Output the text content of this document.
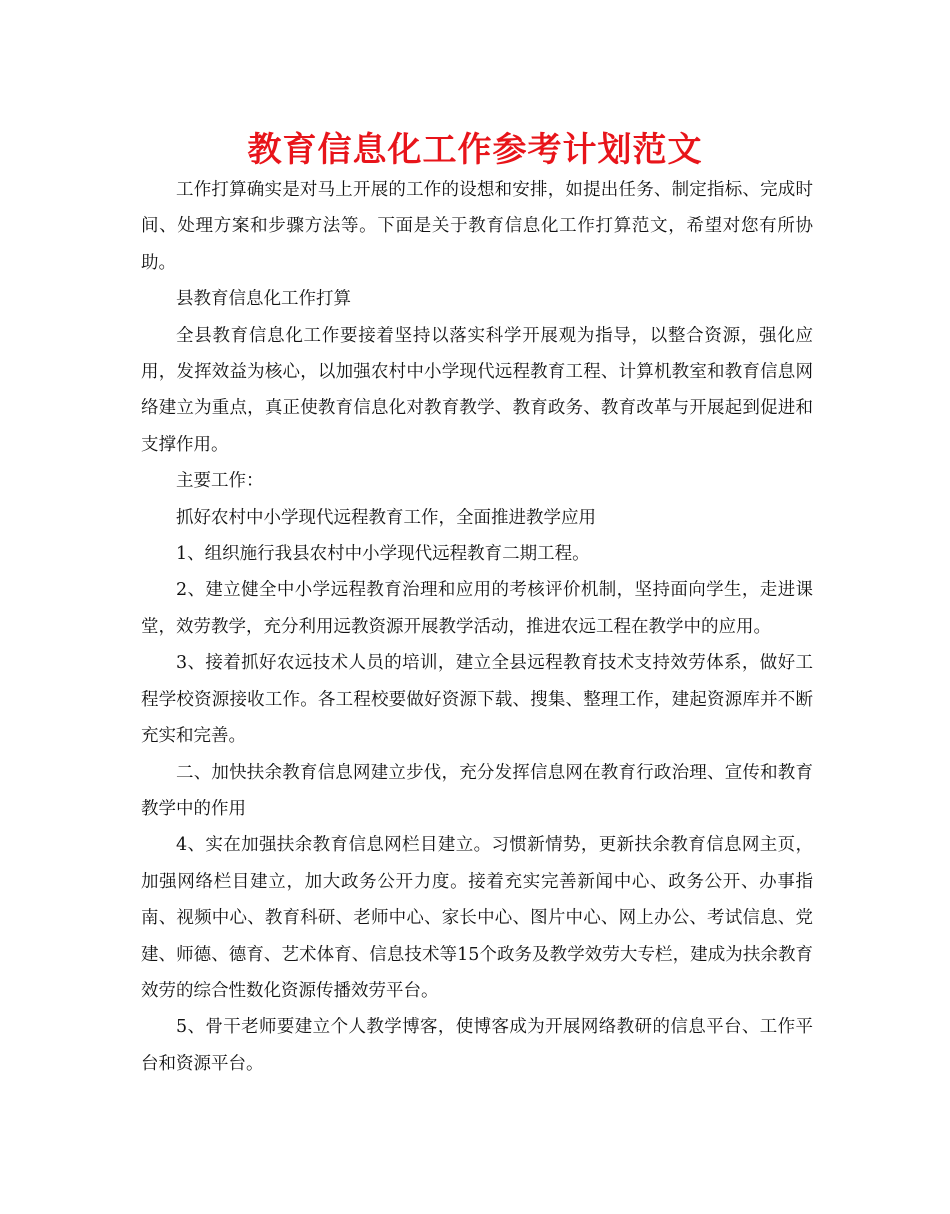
教育信息化工作参考计划范文

工作打算确实是对马上开展的工作的设想和安排，如提出任务、制定指标、完成时间、处理方案和步骤方法等。下面是关于教育信息化工作打算范文，希望对您有所协助。

县教育信息化工作打算

全县教育信息化工作要接着坚持以落实科学开展观为指导，以整合资源，强化应用，发挥效益为核心，以加强农村中小学现代远程教育工程、计算机教室和教育信息网络建立为重点，真正使教育信息化对教育教学、教育政务、教育改革与开展起到促进和支撑作用。

主要工作：

抓好农村中小学现代远程教育工作，全面推进教学应用

1、组织施行我县农村中小学现代远程教育二期工程。

2、建立健全中小学远程教育治理和应用的考核评价机制，坚持面向学生，走进课堂，效劳教学，充分利用远教资源开展教学活动，推进农远工程在教学中的应用。

3、接着抓好农远技术人员的培训，建立全县远程教育技术支持效劳体系，做好工程学校资源接收工作。各工程校要做好资源下载、搜集、整理工作，建起资源库并不断充实和完善。

二、加快扶余教育信息网建立步伐，充分发挥信息网在教育行政治理、宣传和教育教学中的作用

4、实在加强扶余教育信息网栏目建立。习惯新情势，更新扶余教育信息网主页，加强网络栏目建立，加大政务公开力度。接着充实完善新闻中心、政务公开、办事指南、视频中心、教育科研、老师中心、家长中心、图片中心、网上办公、考试信息、党建、师德、德育、艺术体育、信息技术等15个政务及教学效劳大专栏，建成为扶余教育效劳的综合性数化资源传播效劳平台。

5、骨干老师要建立个人教学博客，使博客成为开展网络教研的信息平台、工作平台和资源平台。
